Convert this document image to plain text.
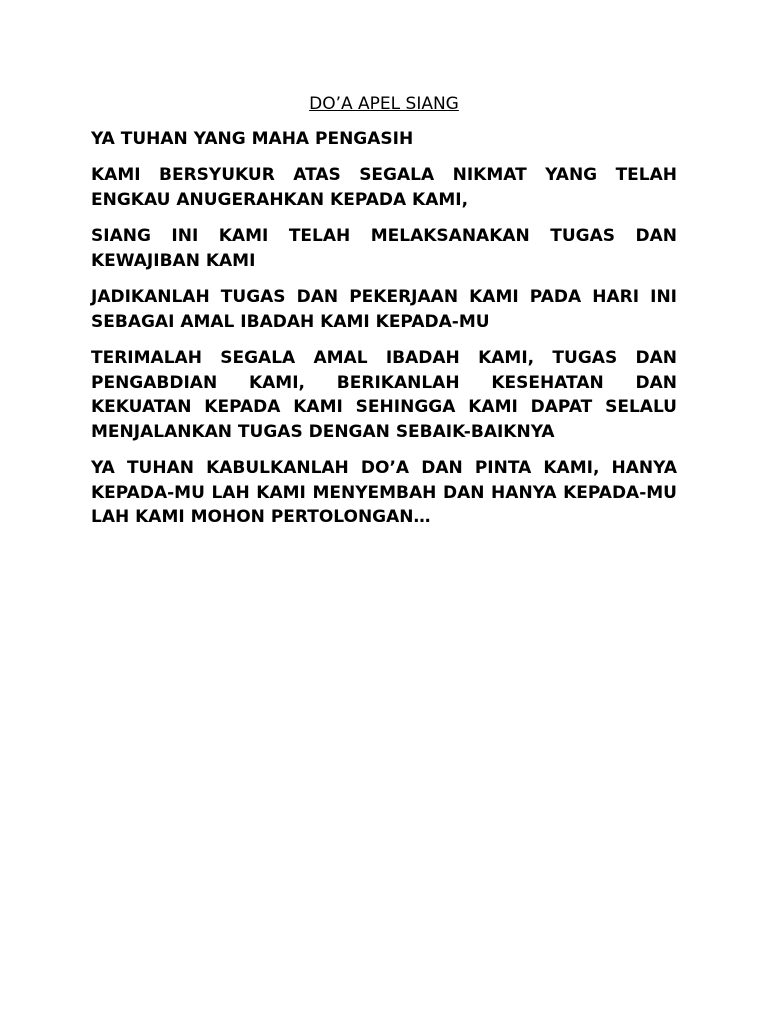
DO’A APEL SIANG
YA TUHAN YANG MAHA PENGASIH
KAMI BERSYUKUR ATAS SEGALA NIKMAT YANG TELAH ENGKAU ANUGERAHKAN KEPADA KAMI,
SIANG INI KAMI TELAH MELAKSANAKAN TUGAS DAN KEWAJIBAN KAMI
JADIKANLAH TUGAS DAN PEKERJAAN KAMI PADA HARI INI SEBAGAI AMAL IBADAH KAMI KEPADA-MU
TERIMALAH SEGALA AMAL IBADAH KAMI, TUGAS DAN PENGABDIAN KAMI, BERIKANLAH KESEHATAN DAN KEKUATAN KEPADA KAMI SEHINGGA KAMI DAPAT SELALU MENJALANKAN TUGAS DENGAN SEBAIK-BAIKNYA
YA TUHAN KABULKANLAH DO’A DAN PINTA KAMI, HANYA KEPADA-MU LAH KAMI MENYEMBAH DAN HANYA KEPADA-MU LAH KAMI MOHON PERTOLONGAN…
